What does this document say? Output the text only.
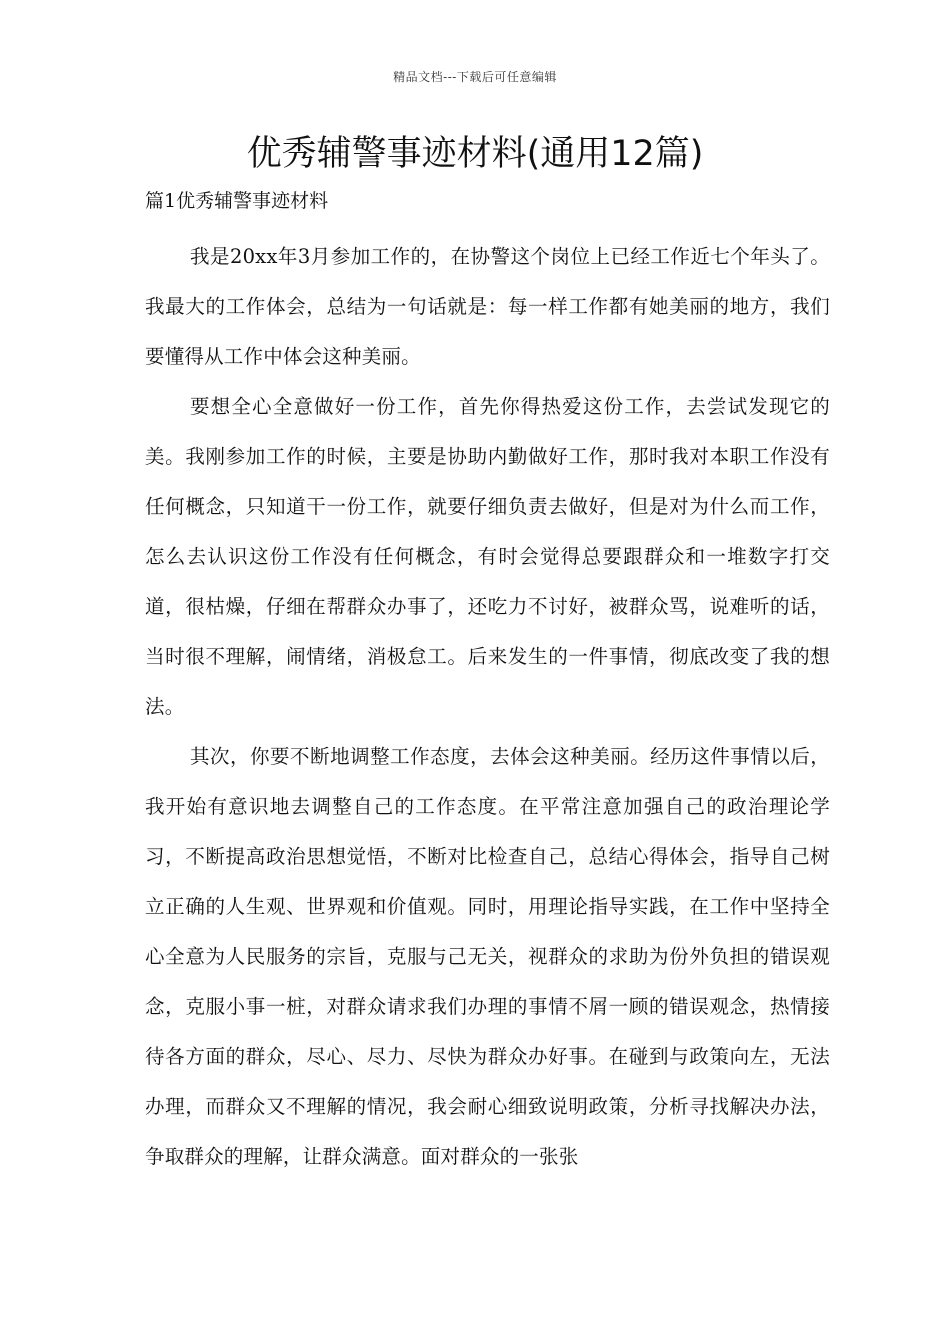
精品文档---下载后可任意编辑
优秀辅警事迹材料(通用12篇)
篇1优秀辅警事迹材料

我是20xx年3月参加工作的，在协警这个岗位上已经工作近七个年头了。我最大的工作体会，总结为一句话就是：每一样工作都有她美丽的地方，我们要懂得从工作中体会这种美丽。

要想全心全意做好一份工作，首先你得热爱这份工作，去尝试发现它的美。我刚参加工作的时候，主要是协助内勤做好工作，那时我对本职工作没有任何概念，只知道干一份工作，就要仔细负责去做好，但是对为什么而工作，怎么去认识这份工作没有任何概念，有时会觉得总要跟群众和一堆数字打交道，很枯燥，仔细在帮群众办事了，还吃力不讨好，被群众骂，说难听的话，当时很不理解，闹情绪，消极怠工。后来发生的一件事情，彻底改变了我的想法。

其次，你要不断地调整工作态度，去体会这种美丽。经历这件事情以后，我开始有意识地去调整自己的工作态度。在平常注意加强自己的政治理论学习，不断提高政治思想觉悟，不断对比检查自己，总结心得体会，指导自己树立正确的人生观、世界观和价值观。同时，用理论指导实践，在工作中坚持全心全意为人民服务的宗旨，克服与己无关，视群众的求助为份外负担的错误观念，克服小事一桩，对群众请求我们办理的事情不屑一顾的错误观念，热情接待各方面的群众，尽心、尽力、尽快为群众办好事。在碰到与政策向左，无法办理，而群众又不理解的情况，我会耐心细致说明政策，分析寻找解决办法，争取群众的理解，让群众满意。面对群众的一张张
